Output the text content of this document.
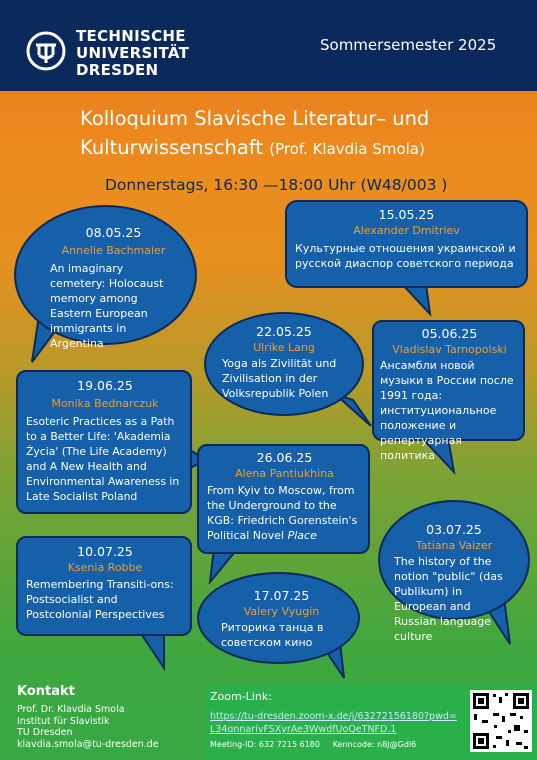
TECHNISCHE
UNIVERSITÄT
DRESDEN
Sommersemester 2025
Kolloquium Slavische Literatur– und
Kulturwissenschaft (Prof. Klavdia Smola)
Donnerstags, 16:30 —18:00 Uhr (W48/003 )
08.05.25
Annelie Bachmaier
An imaginary cemetery: Holocaust memory among Eastern European immigrants in Argentina
15.05.25
Alexander Dmitriev
Культурные отношения украинской и русской диаспор советского периода
22.05.25
Ulrike Lang
Yoga als Zivilität und Zivilisation in der Volksrepublik Polen
05.06.25
Vladislav Tarnopolski
Ансамбли новой музыки в России после 1991 года: институциональное положение и репертуарная политика
19.06.25
Monika Bednarczuk
Esoteric Practices as a Path to a Better Life: 'Akademia Życia' (The Life Academy) and A New Health and Environmental Awareness in Late Socialist Poland
26.06.25
Alena Pantiukhina
From Kyiv to Moscow, from the Underground to the KGB: Friedrich Gorenstein's Political Novel Place	03.07.25
Tatiana Vaizer
The history of the notion "public" (das Publikum) in European and Russian language culture
10.07.25
Ksenia Robbe
Remembering Transiti-ons: Postsocialist and Postcolonial Perspectives
17.07.25
Valery Vyugin
Риторика танца в советском кино
Kontakt
Prof. Dr. Klavdia Smola
Institut für Slavistik
TU Dresden
klavdia.smola@tu-dresden.de
Zoom-Link:
https://tu-dresden.zoom-x.de/j/63272156180?pwd=L34qnnarivFSXyrAe3WwdfUoQeTNFD.1
Meeting-ID: 632 7215 6180 Kenncode: n8J@Gdl6
